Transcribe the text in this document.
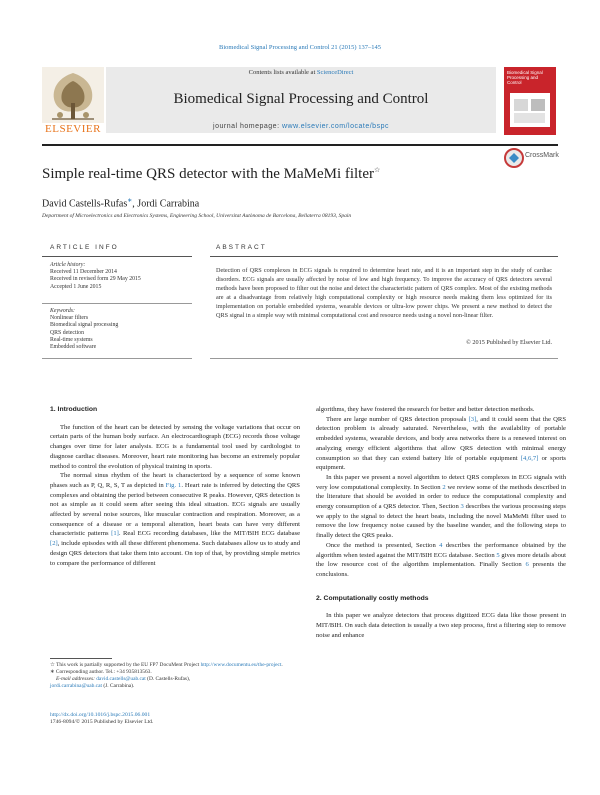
Biomedical Signal Processing and Control 21 (2015) 137–145
ELSEVIER
Contents lists available at ScienceDirect
Biomedical Signal Processing and Control
journal homepage: www.elsevier.com/locate/bspc
Biomedical Signal Processing and Control
Simple real-time QRS detector with the MaMeMi filter☆
CrossMark
David Castells-Rufas∗, Jordi Carrabina
Department of Microelectronics and Electronics Systems, Engineering School, Universitat Autònoma de Barcelona, Bellaterra 08193, Spain
ARTICLE INFO	ABSTRACT
Article history:
Received 11 December 2014
Received in revised form 29 May 2015
Accepted 1 June 2015
Keywords:
Nonlinear filters
Biomedical signal processing
QRS detection
Real-time systems
Embedded software
Detection of QRS complexes in ECG signals is required to determine heart rate, and it is an important step in the study of cardiac disorders. ECG signals are usually affected by noise of low and high frequency. To improve the accuracy of QRS detectors several methods have been proposed to filter out the noise and detect the characteristic pattern of QRS complex. Most of the existing methods are at a disadvantage from relatively high computational complexity or high resource needs making them less optimized for its implementation on portable embedded systems, wearable devices or ultra-low power chips. We present a new method to detect the QRS signal in a simple way with minimal computational cost and resource needs using a novel non-linear filter.
© 2015 Published by Elsevier Ltd.
1. Introduction

The function of the heart can be detected by sensing the voltage variations that occur on certain parts of the human body surface. An electrocardiograph (ECG) records those voltage changes over time for later analysis. ECG is a fundamental tool used by cardiologist to diagnose cardiac diseases. Moreover, heart rate monitoring has become an extremely popular method to control the evolution of physical training in sports.

The normal sinus rhythm of the heart is characterized by a sequence of some known phases such as P, Q, R, S, T as depicted in Fig. 1. Heart rate is inferred by detecting the QRS complexes and obtaining the period between consecutive R peaks. However, QRS detection is not as simple as it could seem after seeing this ideal situation. ECG signals are usually affected by several noise sources, like muscular contraction and respiration. Moreover, as a consequence of a disease or a temporal alteration, heart beats can have very different characteristic patterns [1]. Real ECG recording databases, like the MIT/BIH ECG database [2], include episodes with all these different phenomena. Such databases allow us to study and design QRS detectors that take them into account. On top of that, by providing simple metrics to compare the performance of different

algorithms, they have fostered the research for better and better detection methods.

There are large number of QRS detection proposals [3], and it could seem that the QRS detection problem is already saturated. Nevertheless, with the availability of portable embedded systems, wearable devices, and body area networks there is a renewed interest on analyzing energy efficient algorithms that allow QRS detection with minimal energy consumption so that they can extend battery life of portable equipment [4,6,7] or sports equipment.

In this paper we present a novel algorithm to detect QRS complexes in ECG signals with very low computational complexity. In Section 2 we review some of the methods described in the literature that should be avoided in order to reduce the computational complexity and energy consumption of a QRS detector. Then, Section 3 describes the various processing steps we apply to the signal to detect the heart beats, including the novel MaMeMi filter used to remove the low frequency noise caused by the baseline wander, and the following steps to finally detect the QRS peaks.

Once the method is presented, Section 4 describes the performance obtained by the algorithm when tested against the MIT/BIH ECG database. Section 5 gives more details about the low resource cost of the algorithm implementation. Finally Section 6 presents the conclusions.

2. Computationally costly methods

In this paper we analyze detectors that process digitized ECG data like those present in MIT/BIH. On such data detection is usually a two step process, first a filtering step to remove noise and enhance

☆ This work is partially supported by the EU FP7 DocuMent Project http://www.documentu.eu/the-project.
∗ Corresponding author. Tel.: +34 935813563.
E-mail addresses: david.castells@uab.cat (D. Castells-Rufas),
jordi.carrabina@uab.cat (J. Carrabina).
http://dx.doi.org/10.1016/j.bspc.2015.06.001
1746-8094/© 2015 Published by Elsevier Ltd.
